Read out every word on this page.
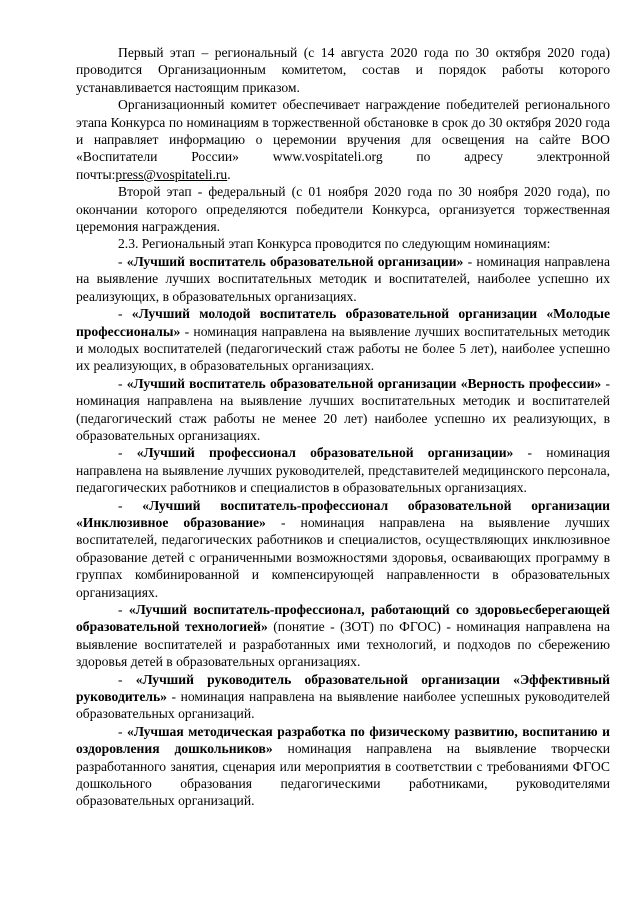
Первый этап – региональный (с 14 августа 2020 года по 30 октября 2020 года) проводится Организационным комитетом, состав и порядок работы которого устанавливается настоящим приказом.

Организационный комитет обеспечивает награждение победителей регионального этапа Конкурса по номинациям в торжественной обстановке в срок до 30 октября 2020 года и направляет информацию о церемонии вручения для освещения на сайте ВОО «Воспитатели России» www.vospitateli.org по адресу электронной почты:press@vospitateli.ru.

Второй этап - федеральный (с 01 ноября 2020 года по 30 ноября 2020 года), по окончании которого определяются победители Конкурса, организуется торжественная церемония награждения.

2.3. Региональный этап Конкурса проводится по следующим номинациям:

- «Лучший воспитатель образовательной организации» - номинация направлена на выявление лучших воспитательных методик и воспитателей, наиболее успешно их реализующих, в образовательных организациях.

- «Лучший молодой воспитатель образовательной организации «Молодые профессионалы» - номинация направлена на выявление лучших воспитательных методик и молодых воспитателей (педагогический стаж работы не более 5 лет), наиболее успешно их реализующих, в образовательных организациях.

- «Лучший воспитатель образовательной организации «Верность профессии» - номинация направлена на выявление лучших воспитательных методик и воспитателей (педагогический стаж работы не менее 20 лет) наиболее успешно их реализующих, в образовательных организациях.

- «Лучший профессионал образовательной организации» - номинация направлена на выявление лучших руководителей, представителей медицинского персонала, педагогических работников и специалистов в образовательных организациях.

- «Лучший воспитатель-профессионал образовательной организации «Инклюзивное образование» - номинация направлена на выявление лучших воспитателей, педагогических работников и специалистов, осуществляющих инклюзивное образование детей с ограниченными возможностями здоровья, осваивающих программу в группах комбинированной и компенсирующей направленности в образовательных организациях.

- «Лучший воспитатель-профессионал, работающий со здоровьесберегающей образовательной технологией» (понятие - (ЗОТ) по ФГОС) - номинация направлена на выявление воспитателей и разработанных ими технологий, и подходов по сбережению здоровья детей в образовательных организациях.

- «Лучший руководитель образовательной организации «Эффективный руководитель» - номинация направлена на выявление наиболее успешных руководителей образовательных организаций.

- «Лучшая методическая разработка по физическому развитию, воспитанию и оздоровления дошкольников» номинация направлена на выявление творчески разработанного занятия, сценария или мероприятия в соответствии с требованиями ФГОС дошкольного образования педагогическими работниками, руководителями образовательных организаций.
